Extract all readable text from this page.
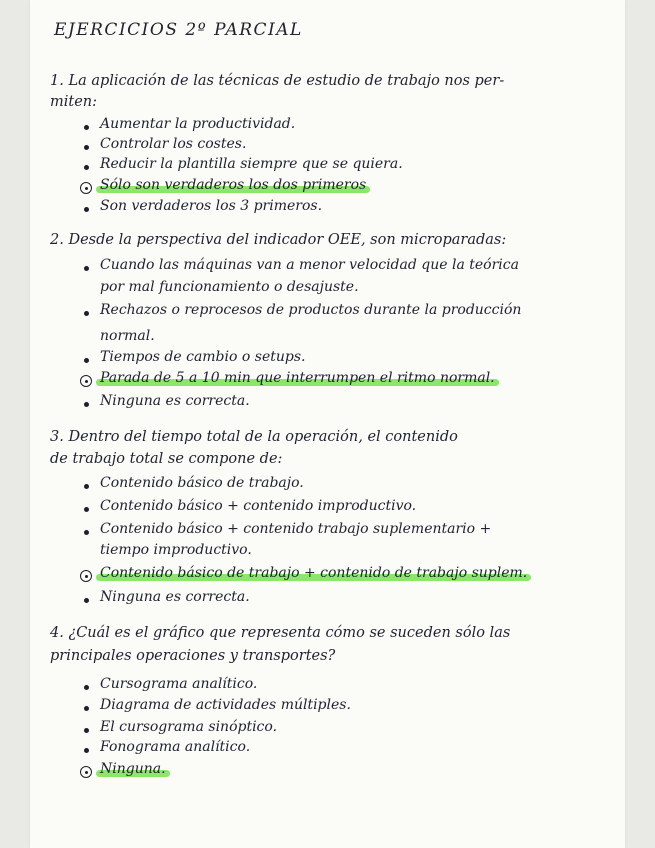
EJERCICIOS 2º PARCIAL
1. La aplicación de las técnicas de estudio de trabajo nos per-
miten:
Aumentar la productividad.
Controlar los costes.
Reducir la plantilla siempre que se quiera.
Sólo son verdaderos los dos primeros
Son verdaderos los 3 primeros.
2. Desde la perspectiva del indicador OEE, son microparadas:
Cuando las máquinas van a menor velocidad que la teórica
por mal funcionamiento o desajuste.
Rechazos o reprocesos de productos durante la producción
normal.
Tiempos de cambio o setups.
Parada de 5 a 10 min que interrumpen el ritmo normal.
Ninguna es correcta.
3. Dentro del tiempo total de la operación, el contenido
de trabajo total se compone de:
Contenido básico de trabajo.
Contenido básico + contenido improductivo.
Contenido básico + contenido trabajo suplementario +
tiempo improductivo.
Contenido básico de trabajo + contenido de trabajo suplem.
Ninguna es correcta.
4. ¿Cuál es el gráfico que representa cómo se suceden sólo las
principales operaciones y transportes?
Cursograma analítico.
Diagrama de actividades múltiples.
El cursograma sinóptico.
Fonograma analítico.
Ninguna.
